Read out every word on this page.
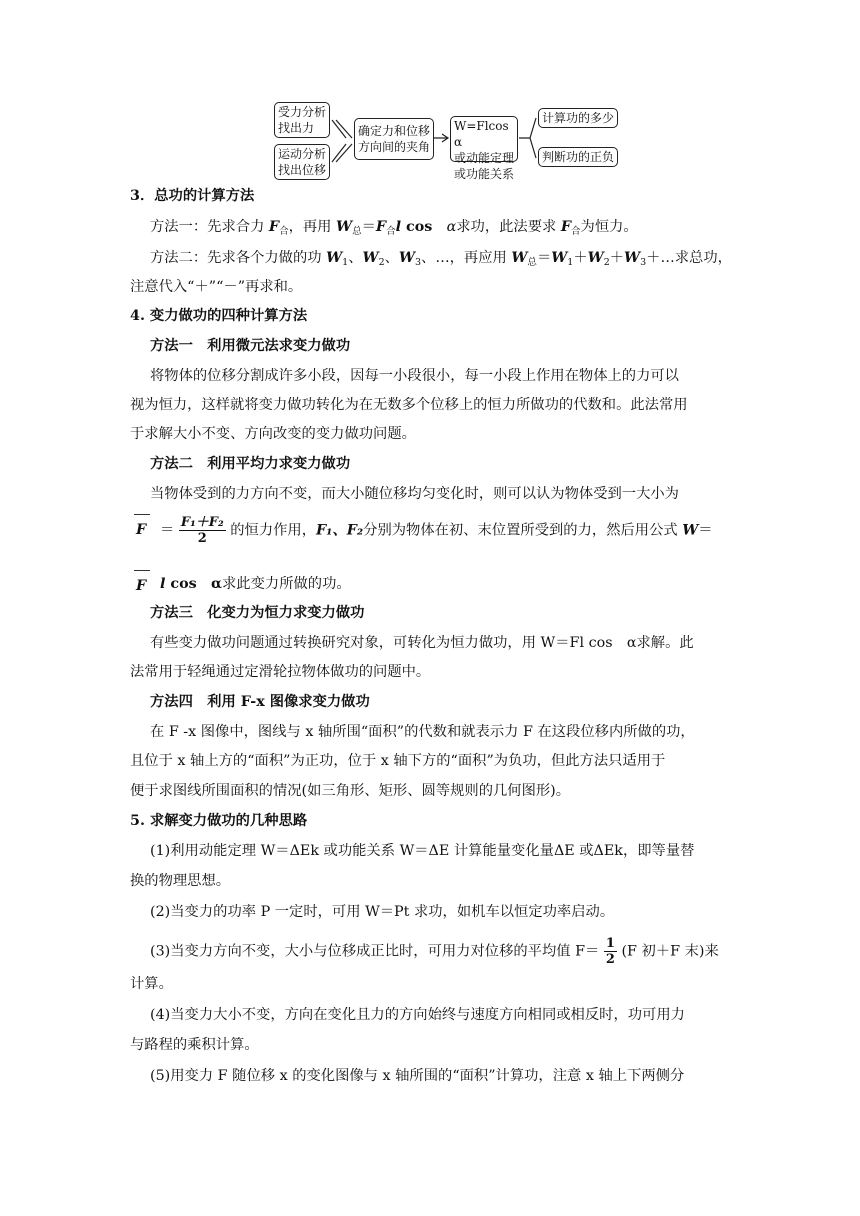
受力分析
找出力
运动分析
找出位移
确定力和位移
方向间的夹角
W=Flcos α
或动能定理
或功能关系
计算功的多少
判断功的正负
3．总功的计算方法
方法一：先求合力 $F_合$，再用 $W_总=F_合l$ cos　α求功，此法要求 $F_合$为恒力。
方法二：先求各个力做的功 $W_1$、$W_2$、$W_3$、…，再应用 $W_总=W_1+W_2+W_3+\dots$求总功，
注意代入“＋”“－”再求和。
4. 变力做功的四种计算方法
方法一　利用微元法求变力做功
将物体的位移分割成许多小段，因每一小段很小，每一小段上作用在物体上的力可以
视为恒力，这样就将变力做功转化为在无数多个位移上的恒力所做功的代数和。此法常用
于求解大小不变、方向改变的变力做功问题。
方法二　利用平均力求变力做功
当物体受到的力方向不变，而大小随位移均匀变化时，则可以认为物体受到一大小为
$F = \frac{\text{F₁＋F₂}}{2}$ 的恒力作用，F₁、F₂分别为物体在初、末位置所受到的力，然后用公式 W＝
F l cos　α求此变力所做的功。
方法三　化变力为恒力求变力做功
有些变力做功问题通过转换研究对象，可转化为恒力做功，用 W＝Fl cos　α求解。此
法常用于轻绳通过定滑轮拉物体做功的问题中。
方法四　利用 F-x 图像求变力做功
在 F -x 图像中，图线与 x 轴所围“面积”的代数和就表示力 F 在这段位移内所做的功，
且位于 x 轴上方的“面积”为正功，位于 x 轴下方的“面积”为负功，但此方法只适用于
便于求图线所围面积的情况(如三角形、矩形、圆等规则的几何图形)。
5. 求解变力做功的几种思路
(1)利用动能定理 W＝ΔEk 或功能关系 W＝ΔE 计算能量变化量ΔE 或ΔEk，即等量替
换的物理思想。
(2)当变力的功率 P 一定时，可用 W＝Pt 求功，如机车以恒定功率启动。
(3)当变力方向不变，大小与位移成正比时，可用力对位移的平均值 $F= \frac{1}{2} (F$ 初＋F 末)来
计算。
(4)当变力大小不变，方向在变化且力的方向始终与速度方向相同或相反时，功可用力
与路程的乘积计算。
(5)用变力 F 随位移 x 的变化图像与 x 轴所围的“面积”计算功，注意 x 轴上下两侧分
